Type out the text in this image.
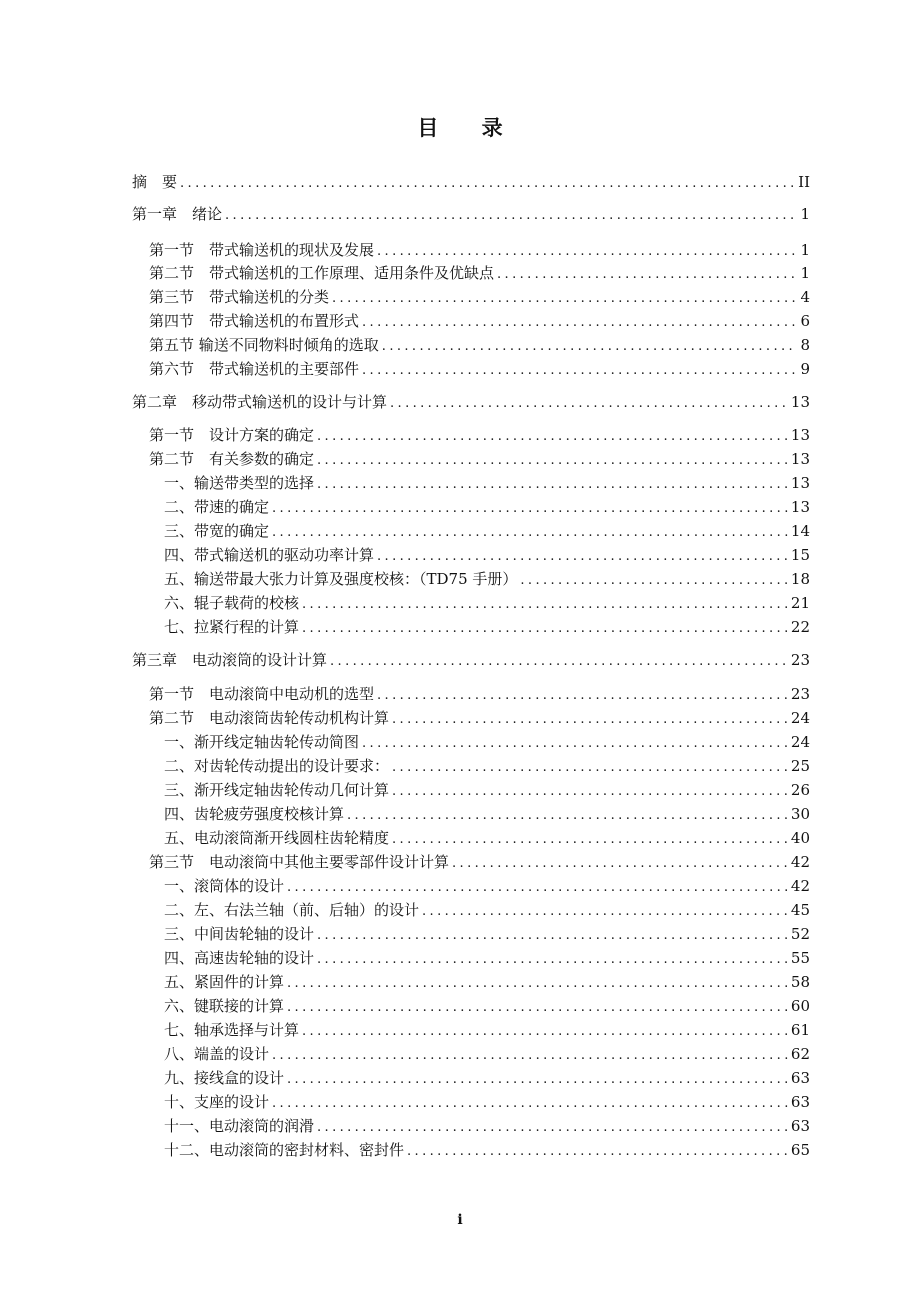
目 录
摘　要 .....	II
第一章　绪论 .....	1
第一节　带式输送机的现状及发展 .....	1
第二节　带式输送机的工作原理、适用条件及优缺点 .....	1
第三节　带式输送机的分类 .....	4
第四节　带式输送机的布置形式 .....	6
第五节 输送不同物料时倾角的选取 .....	8
第六节　带式输送机的主要部件 .....	9
第二章　移动带式输送机的设计与计算 .....	13
第一节　设计方案的确定 .....	13
第二节　有关参数的确定 .....	13
一、输送带类型的选择 .....	13
二、带速的确定 .....	13
三、带宽的确定 .....	14
四、带式输送机的驱动功率计算 .....	15
五、输送带最大张力计算及强度校核：（TD75 手册） .....	18
六、辊子载荷的校核 .....	21
七、拉紧行程的计算 .....	22
第三章　电动滚筒的设计计算 .....	23
第一节　电动滚筒中电动机的选型 .....	23
第二节　电动滚筒齿轮传动机构计算 .....	24
一、渐开线定轴齿轮传动简图 .....	24
二、对齿轮传动提出的设计要求： .....	25
三、渐开线定轴齿轮传动几何计算 .....	26
四、齿轮疲劳强度校核计算 .....	30
五、电动滚筒渐开线圆柱齿轮精度 .....	40
第三节　电动滚筒中其他主要零部件设计计算 .....	42
一、滚筒体的设计 .....	42
二、左、右法兰轴（前、后轴）的设计 .....	45
三、中间齿轮轴的设计 .....	52
四、高速齿轮轴的设计 .....	55
五、紧固件的计算 .....	58
六、键联接的计算 .....	60
七、轴承选择与计算 .....	61
八、端盖的设计 .....	62
九、接线盒的设计 .....	63
十、支座的设计 .....	63
十一、电动滚筒的润滑 .....	63
十二、电动滚筒的密封材料、密封件 .....	65
i
